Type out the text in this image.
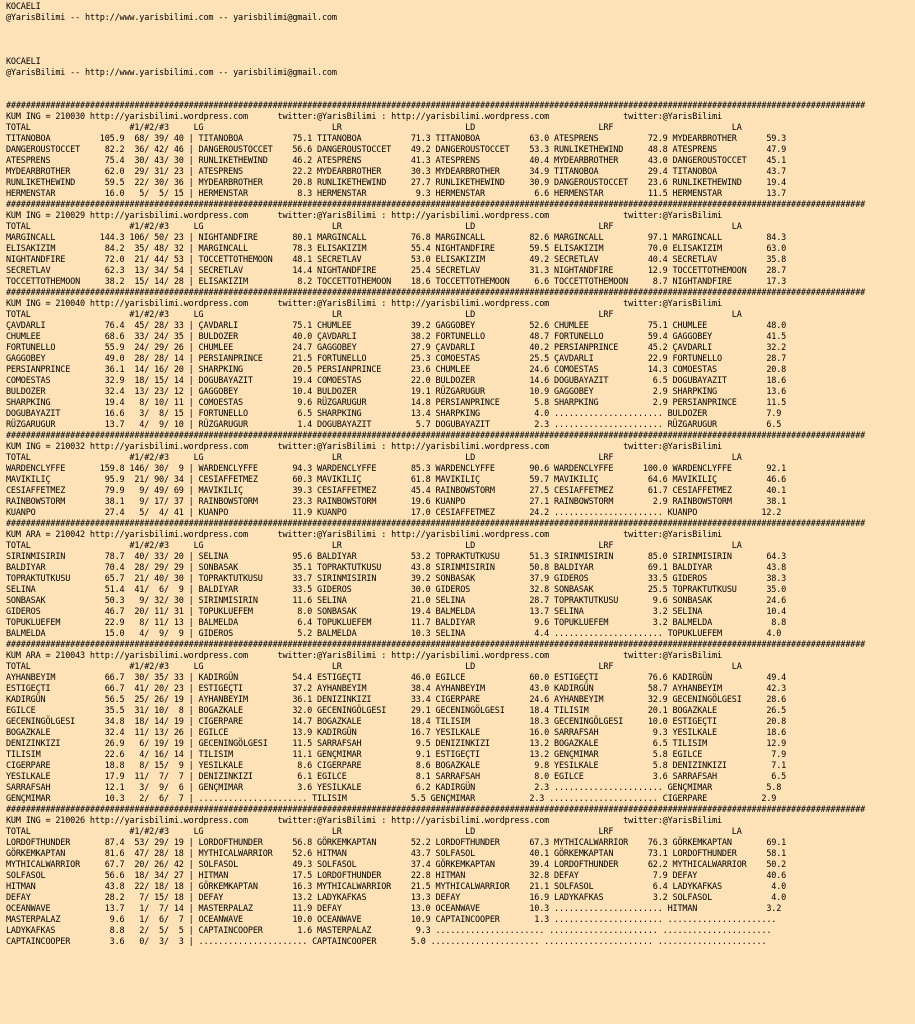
KOCAELI
@YarisBilimi -- http://www.yarisbilimi.com -- yarisbilimi@gmail.com

KOCAELI
@YarisBilimi -- http://www.yarisbilimi.com -- yarisbilimi@gmail.com

##############################################################################################################################################################################
KUM ING = 210030 http://yarisbilimi.wordpress.com      twitter:@YarisBilimi : http://yarisbilimi.wordpress.com               twitter:@YarisBilimi
TOTAL                    #1/#2/#3     LG                          LR                         LD                         LRF                        LA
TITANOBOA          105.9  68/ 39/ 40 | TITANOBOA          75.1 TITANOBOA          71.3 TITANOBOA          63.0 ATESPRENS          72.9 MYDEARBROTHER      59.3
DANGEROUSTOCCET     82.2  36/ 42/ 46 | DANGEROUSTOCCET    56.6 DANGEROUSTOCCET    49.2 DANGEROUSTOCCET    53.3 RUNLIKETHEWIND     48.8 ATESPRENS          47.9
ATESPRENS           75.4  30/ 43/ 30 | RUNLIKETHEWIND     46.2 ATESPRENS          41.3 ATESPRENS          40.4 MYDEARBROTHER      43.0 DANGEROUSTOCCET    45.1
MYDEARBROTHER       62.0  29/ 31/ 23 | ATESPRENS          22.2 MYDEARBROTHER      30.3 MYDEARBROTHER      34.9 TITANOBOA          29.4 TITANOBOA          43.7
RUNLIKETHEWIND      59.5  22/ 30/ 36 | MYDEARBROTHER      20.8 RUNLIKETHEWIND     27.7 RUNLIKETHEWIND     30.9 DANGEROUSTOCCET    23.6 RUNLIKETHEWIND     19.4
HERMENSTAR          16.0   5/  5/ 15 | HERMENSTAR          8.3 HERMENSTAR          9.3 HERMENSTAR          6.6 HERMENSTAR         11.5 HERMENSTAR         13.7
##############################################################################################################################################################################
KUM ING = 210029 http://yarisbilimi.wordpress.com      twitter:@YarisBilimi : http://yarisbilimi.wordpress.com               twitter:@YarisBilimi
TOTAL                    #1/#2/#3     LG                          LR                         LD                         LRF                        LA
MARGINCALL         144.3 106/ 50/ 23 | NIGHTANDFIRE       80.1 MARGINCALL         76.8 MARGINCALL         82.6 MARGINCALL         97.1 MARGINCALL         84.3
ELISAKIZIM          84.2  35/ 48/ 32 | MARGINCALL         78.3 ELISAKIZIM         55.4 NIGHTANDFIRE       59.5 ELISAKIZIM         70.0 ELISAKIZIM         63.0
NIGHTANDFIRE        72.0  21/ 44/ 53 | TOCCETTOTHEMOON    48.1 SECRETLAV          53.0 ELISAKIZIM         49.2 SECRETLAV          40.4 SECRETLAV          35.8
SECRETLAV           62.3  13/ 34/ 54 | SECRETLAV          14.4 NIGHTANDFIRE       25.4 SECRETLAV          31.3 NIGHTANDFIRE       12.9 TOCCETTOTHEMOON    28.7
TOCCETTOTHEMOON     38.2  15/ 14/ 28 | ELISAKIZIM          8.2 TOCCETTOTHEMOON    18.6 TOCCETTOTHEMOON     6.6 TOCCETTOTHEMOON     8.7 NIGHTANDFIRE       17.3
##############################################################################################################################################################################
KUM ING = 210040 http://yarisbilimi.wordpress.com      twitter:@YarisBilimi : http://yarisbilimi.wordpress.com               twitter:@YarisBilimi
TOTAL                    #1/#2/#3     LG                          LR                         LD                         LRF                        LA
ÇAVDARLI            76.4  45/ 28/ 33 | ÇAVDARLI           75.1 CHUMLEE            39.2 GAGGOBEY           52.6 CHUMLEE            75.1 CHUMLEE            48.0
CHUMLEE             68.6  33/ 24/ 35 | BULDOZER           40.0 ÇAVDARLI           38.2 FORTUNELLO         48.7 FORTUNELLO         59.4 GAGGOBEY           41.5
FORTUNELLO          55.9  24/ 29/ 26 | CHUMLEE            24.7 GAGGOBEY           27.9 ÇAVDARLI           40.2 PERSIANPRINCE      45.2 ÇAVDARLI           32.2
GAGGOBEY            49.0  28/ 28/ 14 | PERSIANPRINCE      21.5 FORTUNELLO         25.3 COMOESTAS          25.5 ÇAVDARLI           22.9 FORTUNELLO         28.7
PERSIANPRINCE       36.1  14/ 16/ 20 | SHARPKING          20.5 PERSIANPRINCE      23.6 CHUMLEE            24.6 COMOESTAS          14.3 COMOESTAS          20.8
COMOESTAS           32.9  18/ 15/ 14 | DOGUBAYAZIT        19.4 COMOESTAS          22.0 BULDOZER           14.6 DOGUBAYAZIT         6.5 DOGUBAYAZIT        18.6
BULDOZER            32.4  13/ 23/ 12 | GAGGOBEY           10.4 BULDOZER           19.1 RÜZGARUGUR         10.9 GAGGOBEY            2.9 SHARPKING          13.6
SHARPKING           19.4   8/ 10/ 11 | COMOESTAS           9.6 RÜZGARUGUR         14.8 PERSIANPRINCE       5.8 SHARPKING           2.9 PERSIANPRINCE      11.5
DOGUBAYAZIT         16.6   3/  8/ 15 | FORTUNELLO          6.5 SHARPKING          13.4 SHARPKING           4.0 ...................... BULDOZER            7.9
RÜZGARUGUR          13.7   4/  9/ 10 | RÜZGARUGUR          1.4 DOGUBAYAZIT         5.7 DOGUBAYAZIT         2.3 ...................... RÜZGARUGUR          6.5
##############################################################################################################################################################################
KUM ING = 210032 http://yarisbilimi.wordpress.com      twitter:@YarisBilimi : http://yarisbilimi.wordpress.com               twitter:@YarisBilimi
TOTAL                    #1/#2/#3     LG                          LR                         LD                         LRF                        LA
WARDENCLYFFE       159.8 146/ 30/  9 | WARDENCLYFFE       94.3 WARDENCLYFFE       85.3 WARDENCLYFFE       90.6 WARDENCLYFFE      100.0 WARDENCLYFFE       92.1
MAVIKILIÇ           95.9  21/ 90/ 34 | CESIAFFETMEZ       60.3 MAVIKILIÇ          61.8 MAVIKILIÇ          59.7 MAVIKILIÇ          64.6 MAVIKILIÇ          46.6
CESIAFFETMEZ        79.9   9/ 49/ 69 | MAVIKILIÇ          39.3 CESIAFFETMEZ       45.4 RAINBOWSTORM       27.5 CESIAFFETMEZ       61.7 CESIAFFETMEZ       40.1
RAINBOWSTORM        38.1   9/ 17/ 37 | RAINBOWSTORM       23.3 RAINBOWSTORM       19.6 KUANPO             27.1 RAINBOWSTORM        2.9 RAINBOWSTORM       38.1
KUANPO              27.4   5/  4/ 41 | KUANPO             11.9 KUANPO             17.0 CESIAFFETMEZ       24.2 ...................... KUANPO             12.2
##############################################################################################################################################################################
KUM ARA = 210042 http://yarisbilimi.wordpress.com      twitter:@YarisBilimi : http://yarisbilimi.wordpress.com               twitter:@YarisBilimi
TOTAL                    #1/#2/#3     LG                          LR                         LD                         LRF                        LA
SIRINMISIRIN        78.7  40/ 33/ 20 | SELINA             95.6 BALDIYAR           53.2 TOPRAKTUTKUSU      51.3 SIRINMISIRIN       85.0 SIRINMISIRIN       64.3
BALDIYAR            70.4  28/ 29/ 29 | SONBASAK           35.1 TOPRAKTUTKUSU      43.8 SIRINMISIRIN       50.8 BALDIYAR           69.1 BALDIYAR           43.8
TOPRAKTUTKUSU       65.7  21/ 40/ 30 | TOPRAKTUTKUSU      33.7 SIRINMISIRIN       39.2 SONBASAK           37.9 GIDEROS            33.5 GIDEROS            38.3
SELINA              51.4  41/  6/  9 | BALDIYAR           33.5 GIDEROS            30.0 GIDEROS            32.8 SONBASAK           25.5 TOPRAKTUTKUSU      35.0
SONBASAK            50.3   9/ 32/ 30 | SIRINMISIRIN       11.6 SELINA             21.0 SELINA             28.7 TOPRAKTUTKUSU       9.6 SONBASAK           24.6
GIDEROS             46.7  20/ 11/ 31 | TOPUKLUEFEM         8.0 SONBASAK           19.4 BALMELDA           13.7 SELINA              3.2 SELINA             10.4
TOPUKLUEFEM         22.9   8/ 11/ 13 | BALMELDA            6.4 TOPUKLUEFEM        11.7 BALDIYAR            9.6 TOPUKLUEFEM         3.2 BALMELDA            8.8
BALMELDA            15.0   4/  9/  9 | GIDEROS             5.2 BALMELDA           10.3 SELINA              4.4 ...................... TOPUKLUEFEM         4.0
##############################################################################################################################################################################
KUM ARA = 210043 http://yarisbilimi.wordpress.com      twitter:@YarisBilimi : http://yarisbilimi.wordpress.com               twitter:@YarisBilimi
TOTAL                    #1/#2/#3     LG                          LR                         LD                         LRF                        LA
AYHANBEYIM          66.7  30/ 35/ 33 | KADIRGÜN           54.4 ESTIGEÇTI          46.0 EGILCE             60.0 ESTIGEÇTI          76.6 KADIRGÜN           49.4
ESTIGEÇTI           66.7  41/ 20/ 23 | ESTIGEÇTI          37.2 AYHANBEYIM         38.4 AYHANBEYIM         43.0 KADIRGÜN           58.7 AYHANBEYIM         42.3
KADIRGÜN            56.5  25/ 26/ 19 | AYHANBEYIM         36.1 DENIZINKIZI        33.4 CIGERPARE          24.6 AYHANBEYIM         32.9 GECENINGÖLGESI     28.6
EGILCE              35.5  31/ 10/  8 | BOGAZKALE          32.0 GECENINGÖLGESI     29.1 GECENINGÖLGESI     18.4 TILISIM            20.1 BOGAZKALE          26.5
GECENINGÖLGESI      34.8  18/ 14/ 19 | CIGERPARE          14.7 BOGAZKALE          18.4 TILISIM            18.3 GECENINGÖLGESI     10.0 ESTIGEÇTI          20.8
BOGAZKALE           32.4  11/ 13/ 26 | EGILCE             13.9 KADIRGÜN           16.7 YESILKALE          16.0 SARRAFSAH           9.3 YESILKALE          18.6
DENIZINKIZI         26.9   6/ 19/ 19 | GECENINGÖLGESI     11.5 SARRAFSAH           9.5 DENIZINKIZI        13.2 BOGAZKALE           6.5 TILISIM            12.9
TILISIM             22.6   4/ 16/ 14 | TILISIM            11.1 GENÇMIMAR           9.1 ESTIGEÇTI          13.2 GENÇMIMAR           5.8 EGILCE              7.9
CIGERPARE           18.8   8/ 15/  9 | YESILKALE           8.6 CIGERPARE           8.6 BOGAZKALE           9.8 YESILKALE           5.8 DENIZINKIZI         7.1
YESILKALE           17.9  11/  7/  7 | DENIZINKIZI         6.1 EGILCE              8.1 SARRAFSAH           8.0 EGILCE              3.6 SARRAFSAH           6.5
SARRAFSAH           12.1   3/  9/  6 | GENÇMIMAR           3.6 YESILKALE           6.2 KADIRGÜN            2.3 ...................... GENÇMIMAR           5.8
GENÇMIMAR           10.3   2/  6/  7 | ...................... TILISIM             5.5 GENÇMIMAR           2.3 ...................... CIGERPARE           2.9
##############################################################################################################################################################################
KUM ING = 210026 http://yarisbilimi.wordpress.com      twitter:@YarisBilimi : http://yarisbilimi.wordpress.com               twitter:@YarisBilimi
TOTAL                    #1/#2/#3     LG                          LR                         LD                         LRF                        LA
LORDOFTHUNDER       87.4  53/ 29/ 19 | LORDOFTHUNDER      56.8 GÖRKEMKAPTAN       52.2 LORDOFTHUNDER      67.3 MYTHICALWARRIOR    76.3 GÖRKEMKAPTAN       69.1
GÖRKEMKAPTAN        81.6  47/ 28/ 18 | MYTHICALWARRIOR    52.6 HITMAN             43.7 SOLFASOL           40.1 GÖRKEMKAPTAN       73.1 LORDOFTHUNDER      58.1
MYTHICALWARRIOR     67.7  20/ 26/ 42 | SOLFASOL           49.3 SOLFASOL           37.4 GÖRKEMKAPTAN       39.4 LORDOFTHUNDER      62.2 MYTHICALWARRIOR    50.2
SOLFASOL            56.6  18/ 34/ 27 | HITMAN             17.5 LORDOFTHUNDER      22.8 HITMAN             32.8 DEFAY               7.9 DEFAY              40.6
HITMAN              43.8  22/ 18/ 18 | GÖRKEMKAPTAN       16.3 MYTHICALWARRIOR    21.5 MYTHICALWARRIOR    21.1 SOLFASOL            6.4 LADYKAFKAS          4.0
DEFAY               28.2   7/ 15/ 18 | DEFAY              13.2 LADYKAFKAS         13.3 DEFAY              16.9 LADYKAFKAS          3.2 SOLFASOL            4.0
OCEANWAVE           13.7   1/  7/ 14 | MASTERPALAZ        11.9 DEFAY              13.0 OCEANWAVE          10.3 ...................... HITMAN              3.2
MASTERPALAZ          9.6   1/  6/  7 | OCEANWAVE          10.0 OCEANWAVE          10.9 CAPTAINCOOPER       1.3 ...................... ......................
LADYKAFKAS           8.8   2/  5/  5 | CAPTAINCOOPER       1.6 MASTERPALAZ         9.3 ...................... ...................... ......................
CAPTAINCOOPER        3.6   0/  3/  3 | ...................... CAPTAINCOOPER       5.0 ...................... ...................... ......................
